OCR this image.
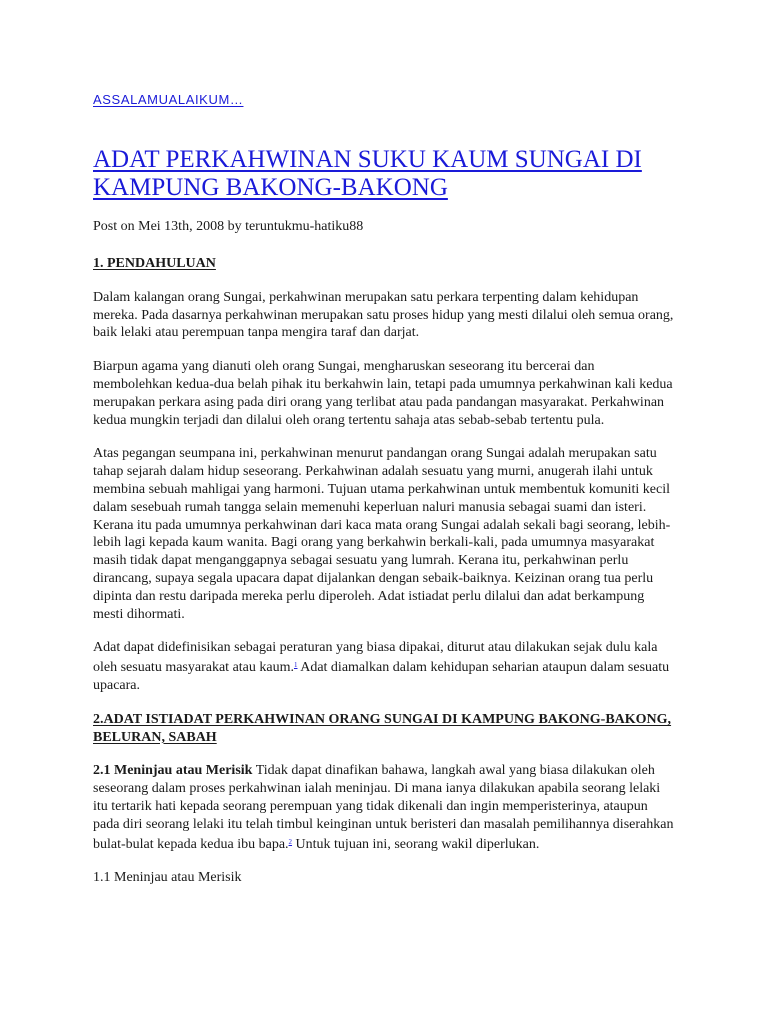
ASSALAMUALAIKUM…
ADAT PERKAHWINAN SUKU KAUM SUNGAI DI KAMPUNG BAKONG-BAKONG

Post on Mei 13th, 2008 by teruntukmu-hatiku88

1. PENDAHULUAN

Dalam kalangan orang Sungai, perkahwinan merupakan satu perkara terpenting dalam kehidupan mereka. Pada dasarnya perkahwinan merupakan satu proses hidup yang mesti dilalui oleh semua orang, baik lelaki atau perempuan tanpa mengira taraf dan darjat.

Biarpun agama yang dianuti oleh orang Sungai, mengharuskan seseorang itu bercerai dan membolehkan kedua-dua belah pihak itu berkahwin lain, tetapi pada umumnya perkahwinan kali kedua merupakan perkara asing pada diri orang yang terlibat atau pada pandangan masyarakat. Perkahwinan kedua mungkin terjadi dan dilalui oleh orang tertentu sahaja atas sebab-sebab tertentu pula.

Atas pegangan seumpana ini, perkahwinan menurut pandangan orang Sungai adalah merupakan satu tahap sejarah dalam hidup seseorang. Perkahwinan adalah sesuatu yang murni, anugerah ilahi untuk membina sebuah mahligai yang harmoni. Tujuan utama perkahwinan untuk membentuk komuniti kecil dalam sesebuah rumah tangga selain memenuhi keperluan naluri manusia sebagai suami dan isteri. Kerana itu pada umumnya perkahwinan dari kaca mata orang Sungai adalah sekali bagi seorang, lebih-lebih lagi kepada kaum wanita. Bagi orang yang berkahwin berkali-kali, pada umumnya masyarakat masih tidak dapat menganggapnya sebagai sesuatu yang lumrah. Kerana itu, perkahwinan perlu dirancang, supaya segala upacara dapat dijalankan dengan sebaik-baiknya. Keizinan orang tua perlu dipinta dan restu daripada mereka perlu diperoleh. Adat istiadat perlu dilalui dan adat berkampung mesti dihormati.

Adat dapat didefinisikan sebagai peraturan yang biasa dipakai, diturut atau dilakukan sejak dulu kala oleh sesuatu masyarakat atau kaum.$^1$ Adat diamalkan dalam kehidupan seharian ataupun dalam sesuatu upacara.

2.ADAT ISTIADAT PERKAHWINAN ORANG SUNGAI DI KAMPUNG BAKONG-BAKONG, BELURAN, SABAH

2.1 Meninjau atau Merisik Tidak dapat dinafikan bahawa, langkah awal yang biasa dilakukan oleh seseorang dalam proses perkahwinan ialah meninjau. Di mana ianya dilakukan apabila seorang lelaki itu tertarik hati kepada seorang perempuan yang tidak dikenali dan ingin memperisterinya, ataupun pada diri seorang lelaki itu telah timbul keinginan untuk beristeri dan masalah pemilihannya diserahkan bulat-bulat kepada kedua ibu bapa.$^2$ Untuk tujuan ini, seorang wakil diperlukan.

1.1 Meninjau atau Merisik
